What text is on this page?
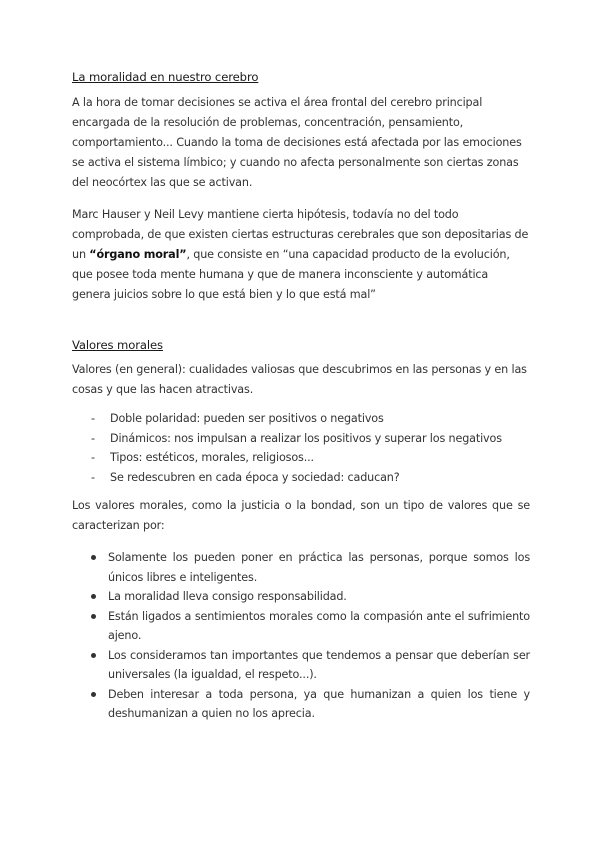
La moralidad en nuestro cerebro

A la hora de tomar decisiones se activa el área frontal del cerebro principal encargada de la resolución de problemas, concentración, pensamiento, comportamiento... Cuando la toma de decisiones está afectada por las emociones se activa el sistema límbico; y cuando no afecta personalmente son ciertas zonas del neocórtex las que se activan.

Marc Hauser y Neil Levy mantiene cierta hipótesis, todavía no del todo comprobada, de que existen ciertas estructuras cerebrales que son depositarias de un “órgano moral”, que consiste en “una capacidad producto de la evolución, que posee toda mente humana y que de manera inconsciente y automática genera juicios sobre lo que está bien y lo que está mal”

Valores morales

Valores (en general): cualidades valiosas que descubrimos en las personas y en las cosas y que las hacen atractivas.

- Doble polaridad: pueden ser positivos o negativos
- Dinámicos: nos impulsan a realizar los positivos y superar los negativos
- Tipos: estéticos, morales, religiosos...
- Se redescubren en cada época y sociedad: caducan?

Los valores morales, como la justicia o la bondad, son un tipo de valores que se caracterizan por:

Solamente los pueden poner en práctica las personas, porque somos los únicos libres e inteligentes.
La moralidad lleva consigo responsabilidad.
Están ligados a sentimientos morales como la compasión ante el sufrimiento ajeno.
Los consideramos tan importantes que tendemos a pensar que deberían ser universales (la igualdad, el respeto...).
Deben interesar a toda persona, ya que humanizan a quien los tiene y deshumanizan a quien no los aprecia.
